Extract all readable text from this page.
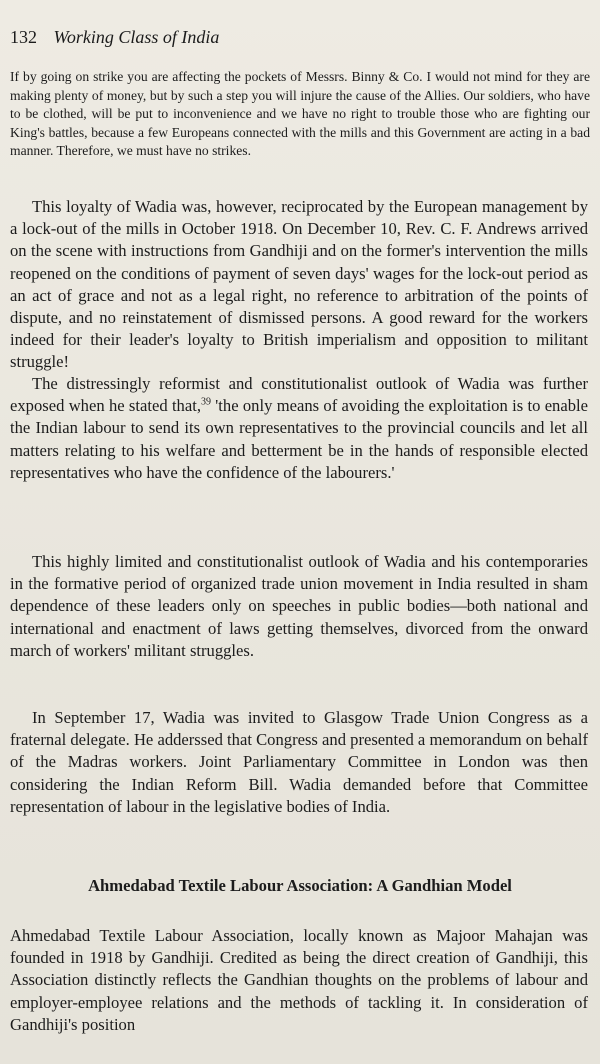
132 Working Class of India

If by going on strike you are affecting the pockets of Messrs. Binny & Co. I would not mind for they are making plenty of money, but by such a step you will injure the cause of the Allies. Our soldiers, who have to be clothed, will be put to inconvenience and we have no right to trouble those who are fighting our King's battles, because a few Europeans connected with the mills and this Government are acting in a bad manner. Therefore, we must have no strikes.

This loyalty of Wadia was, however, reciprocated by the European management by a lock-out of the mills in October 1918. On December 10, Rev. C. F. Andrews arrived on the scene with instructions from Gandhiji and on the former's intervention the mills reopened on the conditions of payment of seven days' wages for the lock-out period as an act of grace and not as a legal right, no reference to arbitration of the points of dispute, and no reinstatement of dismissed persons. A good reward for the workers indeed for their leader's loyalty to British imperialism and opposition to militant struggle!

The distressingly reformist and constitutionalist outlook of Wadia was further exposed when he stated that,$^{39}$ 'the only means of avoiding the exploitation is to enable the Indian labour to send its own representatives to the provincial councils and let all matters relating to his welfare and betterment be in the hands of responsible elected representatives who have the confidence of the labourers.'

This highly limited and constitutionalist outlook of Wadia and his contemporaries in the formative period of organized trade union movement in India resulted in sham dependence of these leaders only on speeches in public bodies—both national and international and enactment of laws getting themselves, divorced from the onward march of workers' militant struggles.

In September 17, Wadia was invited to Glasgow Trade Union Congress as a fraternal delegate. He adderssed that Congress and presented a memorandum on behalf of the Madras workers. Joint Parliamentary Committee in London was then considering the Indian Reform Bill. Wadia demanded before that Committee representation of labour in the legislative bodies of India.

Ahmedabad Textile Labour Association: A Gandhian Model

Ahmedabad Textile Labour Association, locally known as Majoor Mahajan was founded in 1918 by Gandhiji. Credited as being the direct creation of Gandhiji, this Association distinctly reflects the Gandhian thoughts on the problems of labour and employer-employee relations and the methods of tackling it. In consideration of Gandhiji's position
